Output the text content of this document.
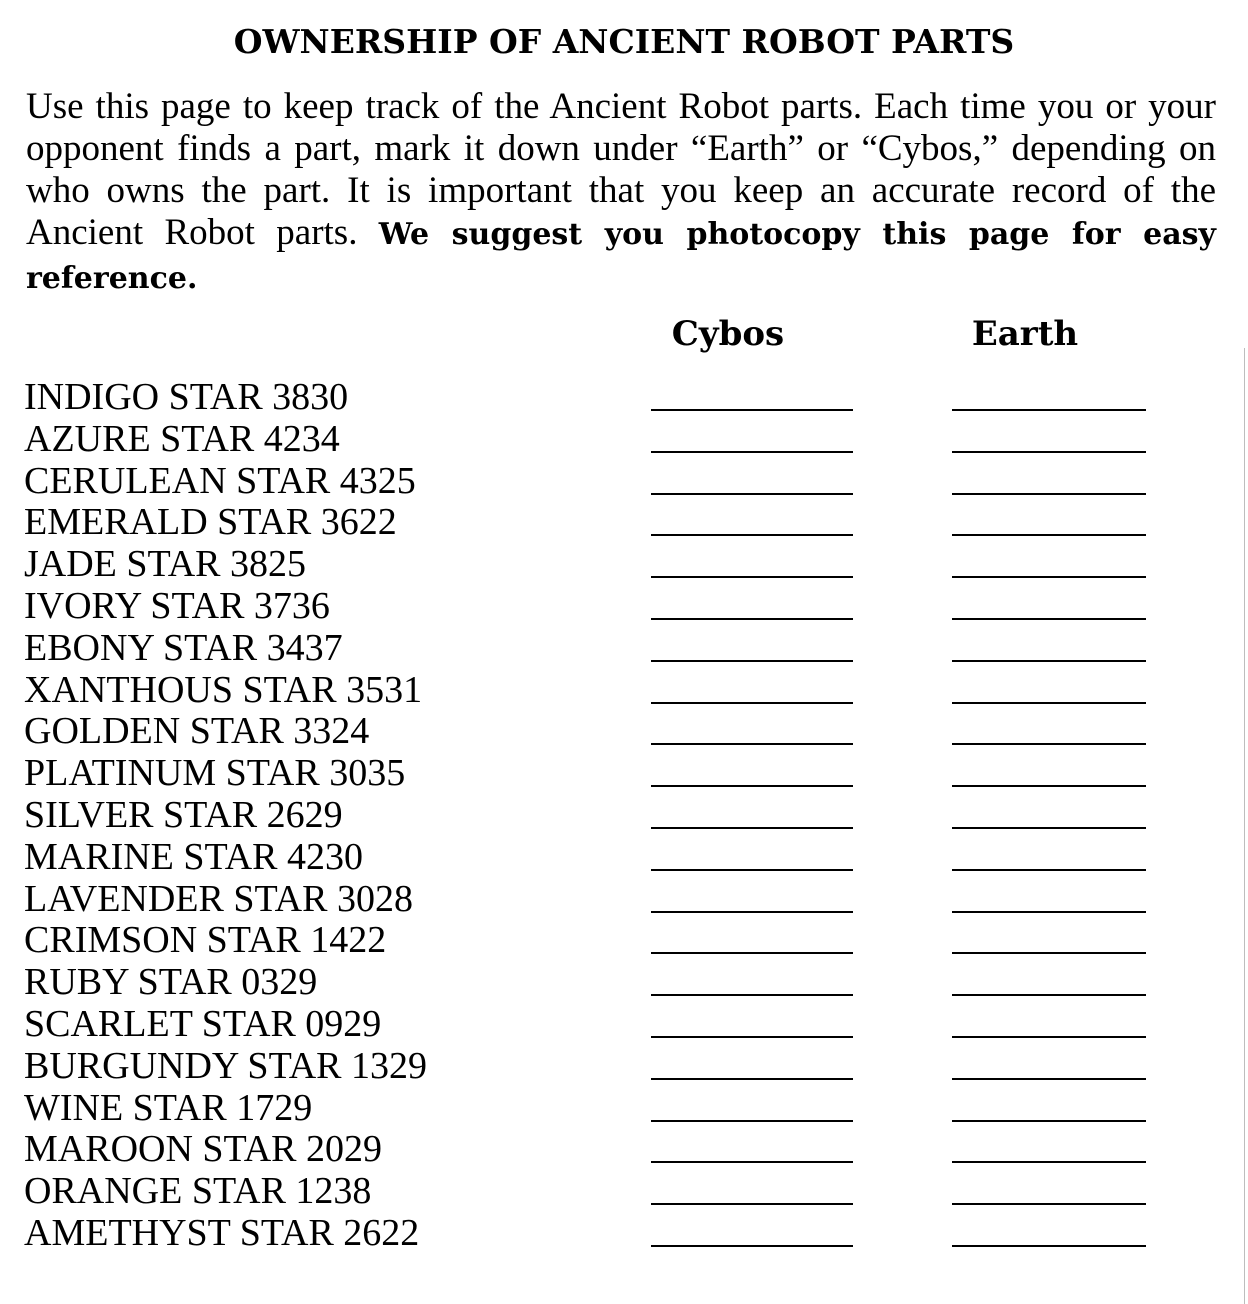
OWNERSHIP OF ANCIENT ROBOT PARTS

Use this page to keep track of the Ancient Robot parts. Each time you or your opponent finds a part, mark it down under “Earth” or “Cybos,” depending on who owns the part. It is important that you keep an accurate record of the Ancient Robot parts. We suggest you photocopy this page for easy reference.

Cybos	Earth
INDIGO STAR 3830
AZURE STAR 4234
CERULEAN STAR 4325
EMERALD STAR 3622
JADE STAR 3825
IVORY STAR 3736
EBONY STAR 3437
XANTHOUS STAR 3531
GOLDEN STAR 3324
PLATINUM STAR 3035
SILVER STAR 2629
MARINE STAR 4230
LAVENDER STAR 3028
CRIMSON STAR 1422
RUBY STAR 0329
SCARLET STAR 0929
BURGUNDY STAR 1329
WINE STAR 1729
MAROON STAR 2029
ORANGE STAR 1238
AMETHYST STAR 2622
